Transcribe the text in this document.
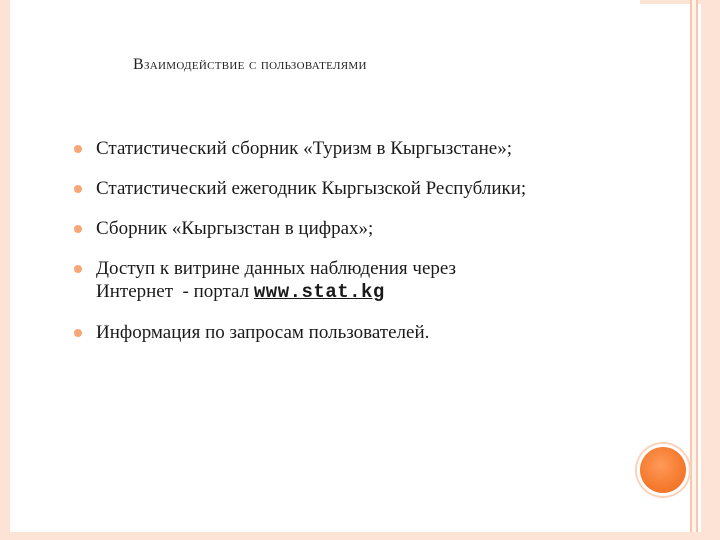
Взаимодействие с пользователями
Статистический сборник «Туризм в Кыргызстане»;
Статистический ежегодник Кыргызской Республики;
Сборник «Кыргызстан в цифрах»;
Доступ к витрине данных наблюдения через
Интернет  - портал www.stat.kg
Информация по запросам пользователей.
